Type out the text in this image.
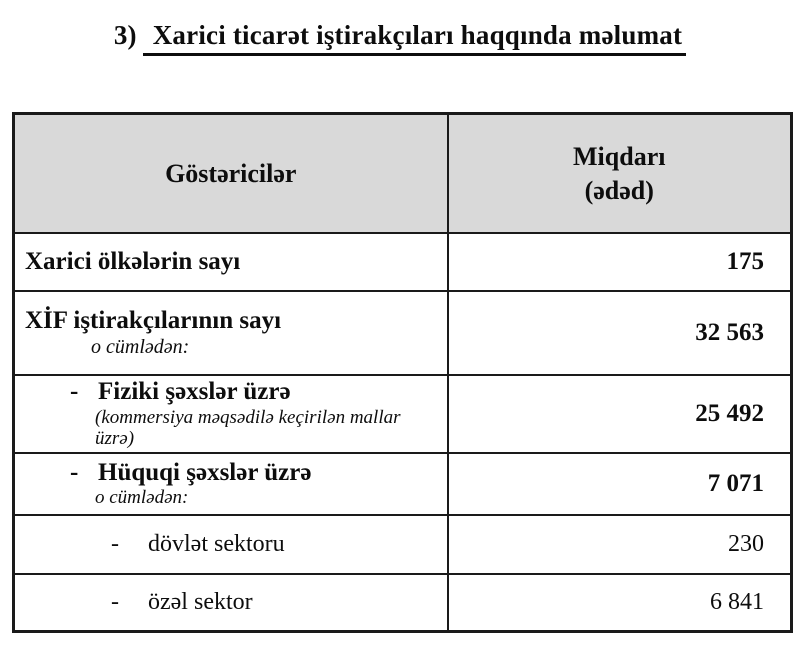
3) Xarici ticarət iştirakçıları haqqında məlumat
Göstəricilər	Miqdarı
(ədəd)

Xarici ölkələrin sayı	175

XİF iştirakçılarının sayı
o cümlədən:	32 563

- Fiziki şəxslər üzrə
(kommersiya məqsədilə keçirilən mallar üzrə)	25 492

- Hüquqi şəxslər üzrə
o cümlədən:	7 071

- dövlət sektoru	230

- özəl sektor	6 841
